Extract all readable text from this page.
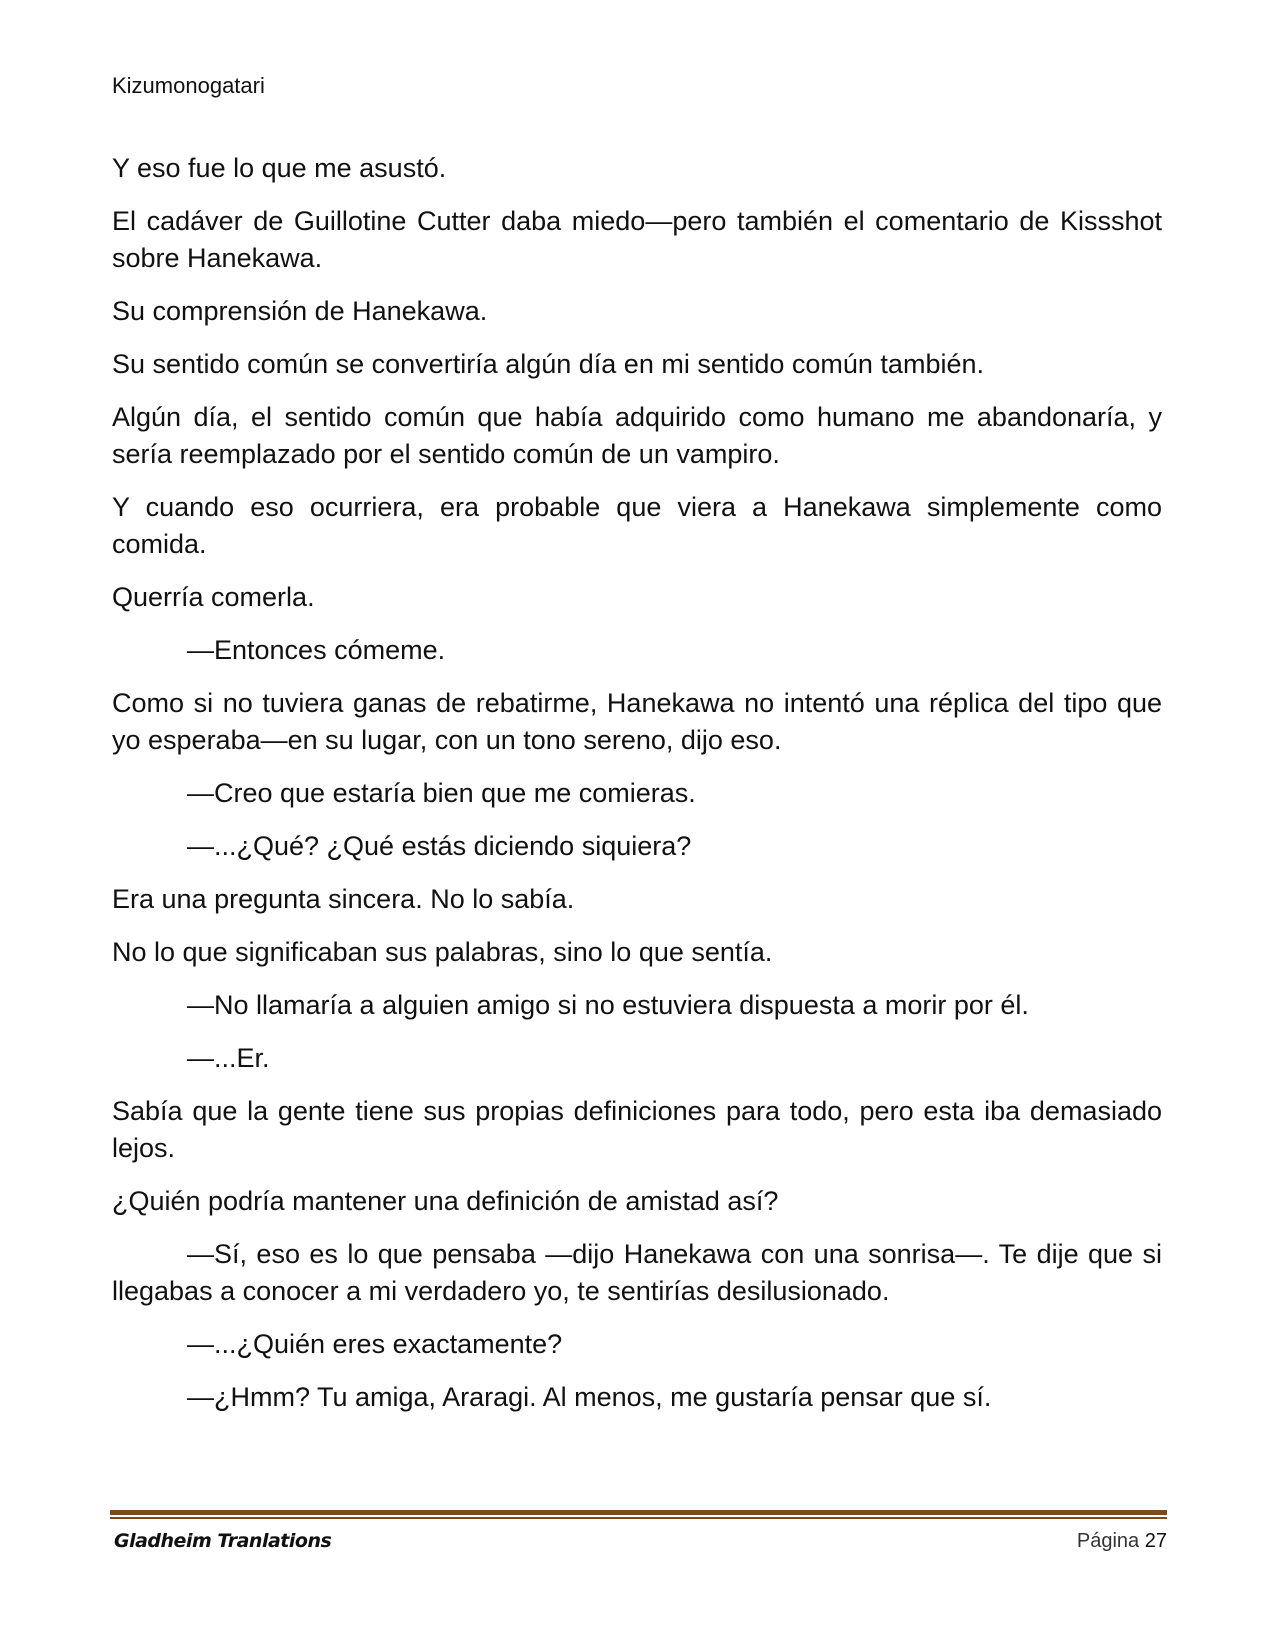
Kizumonogatari

Y eso fue lo que me asustó.

El cadáver de Guillotine Cutter daba miedo—pero también el comentario de Kissshot sobre Hanekawa.

Su comprensión de Hanekawa.

Su sentido común se convertiría algún día en mi sentido común también.

Algún día, el sentido común que había adquirido como humano me abandonaría, y sería reemplazado por el sentido común de un vampiro.

Y cuando eso ocurriera, era probable que viera a Hanekawa simplemente como comida.

Querría comerla.

—Entonces cómeme.

Como si no tuviera ganas de rebatirme, Hanekawa no intentó una réplica del tipo que yo esperaba—en su lugar, con un tono sereno, dijo eso.

—Creo que estaría bien que me comieras.

—...¿Qué? ¿Qué estás diciendo siquiera?

Era una pregunta sincera. No lo sabía.

No lo que significaban sus palabras, sino lo que sentía.

—No llamaría a alguien amigo si no estuviera dispuesta a morir por él.

—...Er.

Sabía que la gente tiene sus propias definiciones para todo, pero esta iba demasiado lejos.

¿Quién podría mantener una definición de amistad así?

—Sí, eso es lo que pensaba —dijo Hanekawa con una sonrisa—. Te dije que si llegabas a conocer a mi verdadero yo, te sentirías desilusionado.

—...¿Quién eres exactamente?

—¿Hmm? Tu amiga, Araragi. Al menos, me gustaría pensar que sí.

Gladheim Tranlations	Página 27
